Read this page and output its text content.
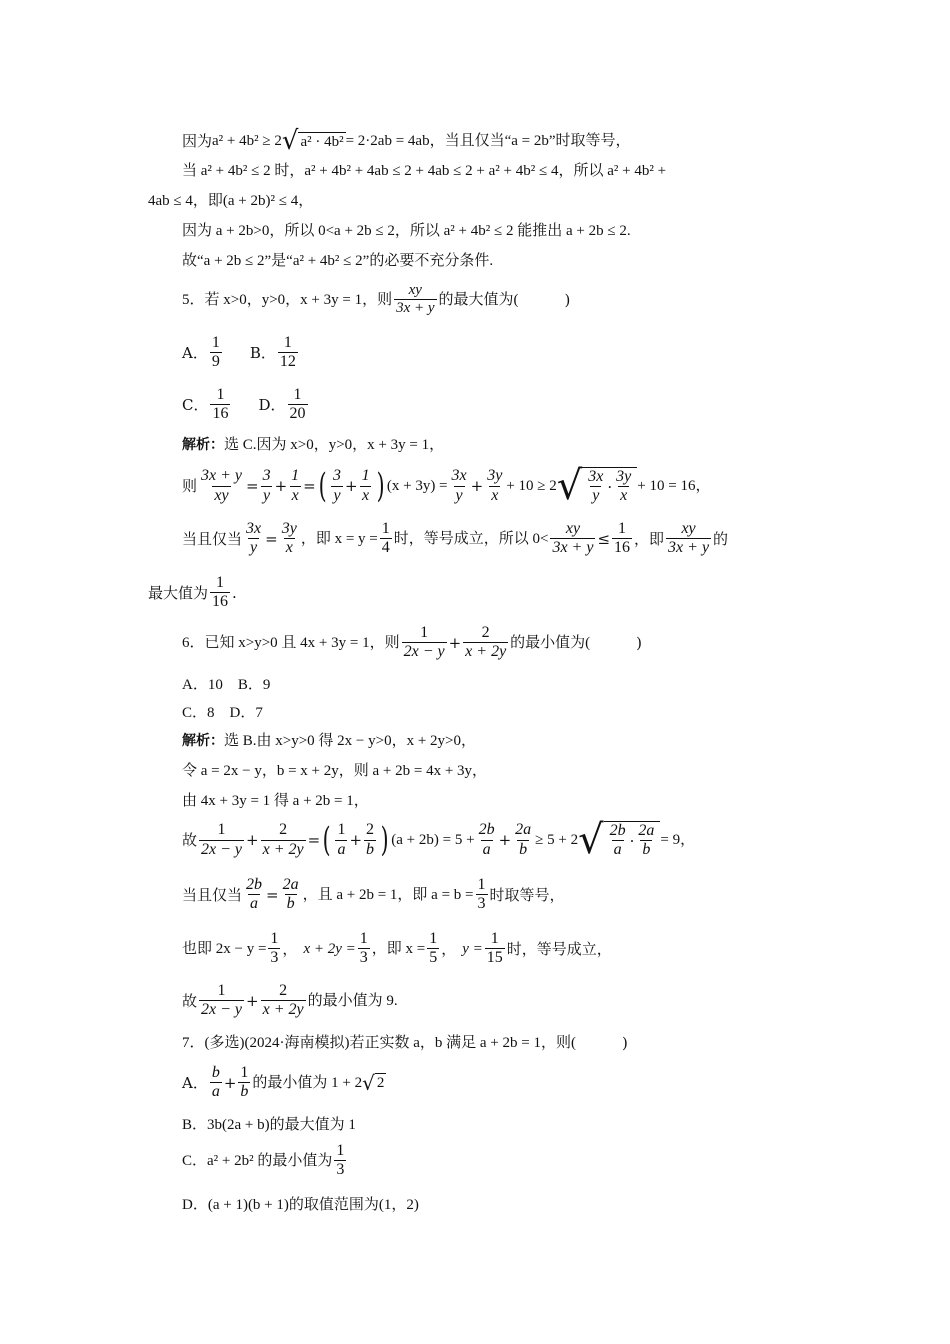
因为 a² + 4b² ≥ 2 √ a² · 4b² = 2·2ab = 4ab，当且仅当“a = 2b”时取等号，
当 a² + 4b² ≤ 2 时，a² + 4b² + 4ab ≤ 2 + 4ab ≤ 2 + a² + 4b² ≤ 4，所以 a² + 4b² +
4ab ≤ 4，即(a + 2b)² ≤ 4，
因为 a + 2b>0，所以 0<a + 2b ≤ 2，所以 a² + 4b² ≤ 2 能推出 a + 2b ≤ 2.
故“a + 2b ≤ 2”是“a² + 4b² ≤ 2”的必要不充分条件.
5．若 x>0，y>0，x + 3y = 1，则 $\frac{xy}{3x + y}$ 的最大值为(	)
A． $\frac{1}{9}$ B． $\frac{1}{12}$
C． $\frac{1}{16}$ D． $\frac{1}{20}$
解析： 选 C.因为 x>0，y>0，x + 3y = 1，
则 $\frac{3x + y}{xy} = \frac{3}{y} + \frac{1}{x}$ = ( $\frac{3}{y} + \frac{1}{x}$ ) $(x + 3y) = \frac{3x}{y} + \frac{3y}{x} + 10 \ge 2$ √ $\frac{3x}{y} \cdot \frac{3y}{x} + 10 = 16$，
当且仅当 $\frac{3x}{y} = \frac{3y}{x}$ ，即 $x = y = \frac{1}{4}$ 时，等号成立，所以 $0< \frac{xy}{3x + y} \le \frac{1}{16}$ ，即 $\frac{xy}{3x + y}$ 的
最大值为 $\frac{1}{16}$ .
6．已知 x>y>0 且 4x + 3y = 1，则 $\frac{1}{2x - y} + \frac{2}{x + 2y}$ 的最小值为(	)
A．10　B．9
C．8　D．7
解析： 选 B.由 x>y>0 得 2x − y>0，x + 2y>0，
令 a = 2x − y，b = x + 2y，则 a + 2b = 4x + 3y，
由 4x + 3y = 1 得 a + 2b = 1，
故 $\frac{1}{2x - y} + \frac{2}{x + 2y}$ = ( $\frac{1}{a} + \frac{2}{b}$ ) $(a + 2b) = 5 + \frac{2b}{a} + \frac{2a}{b} \ge 5 + 2$ √ $\frac{2b}{a} \cdot \frac{2a}{b} = 9$，
当且仅当 $\frac{2b}{a} = \frac{2a}{b}$ ，且 a + 2b = 1，即 $a = b = \frac{1}{3}$ 时取等号，
也即 $2x - y = \frac{1}{3}$ ， $x + 2y = \frac{1}{3}$ ，即 $x = \frac{1}{5}$ ， $y = \frac{1}{15}$ 时，等号成立，
故 $\frac{1}{2x - y} + \frac{2}{x + 2y}$ 的最小值为 9.
7．(多选)(2024·海南模拟)若正实数 a，b 满足 a + 2b = 1，则(	)
A． $\frac{b}{a} + \frac{1}{b}$ 的最小值为 1 + 2 √ 2
B．3b(2a + b)的最大值为 1
C．a² + 2b² 的最小值为 $\frac{1}{3}$
D．(a + 1)(b + 1)的取值范围为(1，2)
